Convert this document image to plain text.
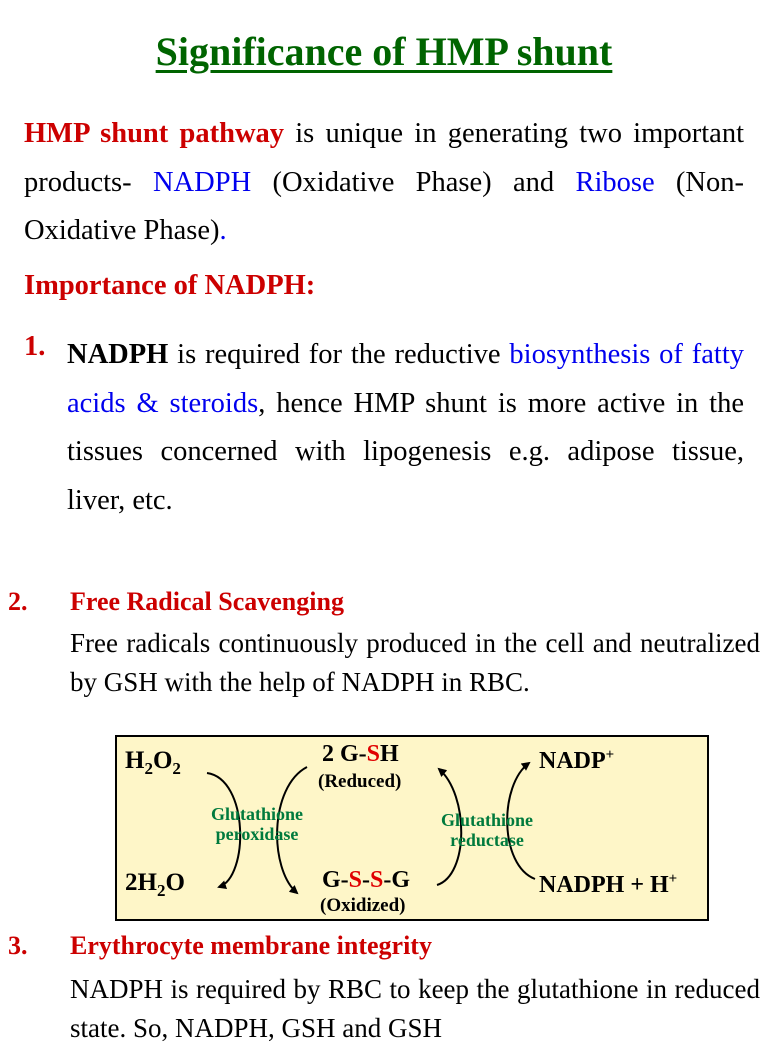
Significance of HMP shunt

HMP shunt pathway is unique in generating two important products- NADPH (Oxidative Phase) and Ribose (Non-Oxidative Phase).

Importance of NADPH:
1. NADPH is required for the reductive biosynthesis of fatty acids & steroids, hence HMP shunt is more active in the tissues concerned with lipogenesis e.g. adipose tissue, liver, etc.

2. Free Radical Scavenging

Free radicals continuously produced in the cell and neutralized by GSH with the help of NADPH in RBC.

$H_2O_2$
$2H_2O$
2 G-SH
(Reduced)
G-S-S-G
(Oxidized)
Glutathione
peroxidase
Glutathione
reductase
NADP+
NADPH + H+
3. Erythrocyte membrane integrity

NADPH is required by RBC to keep the glutathione in reduced state. So, NADPH, GSH and GSH
